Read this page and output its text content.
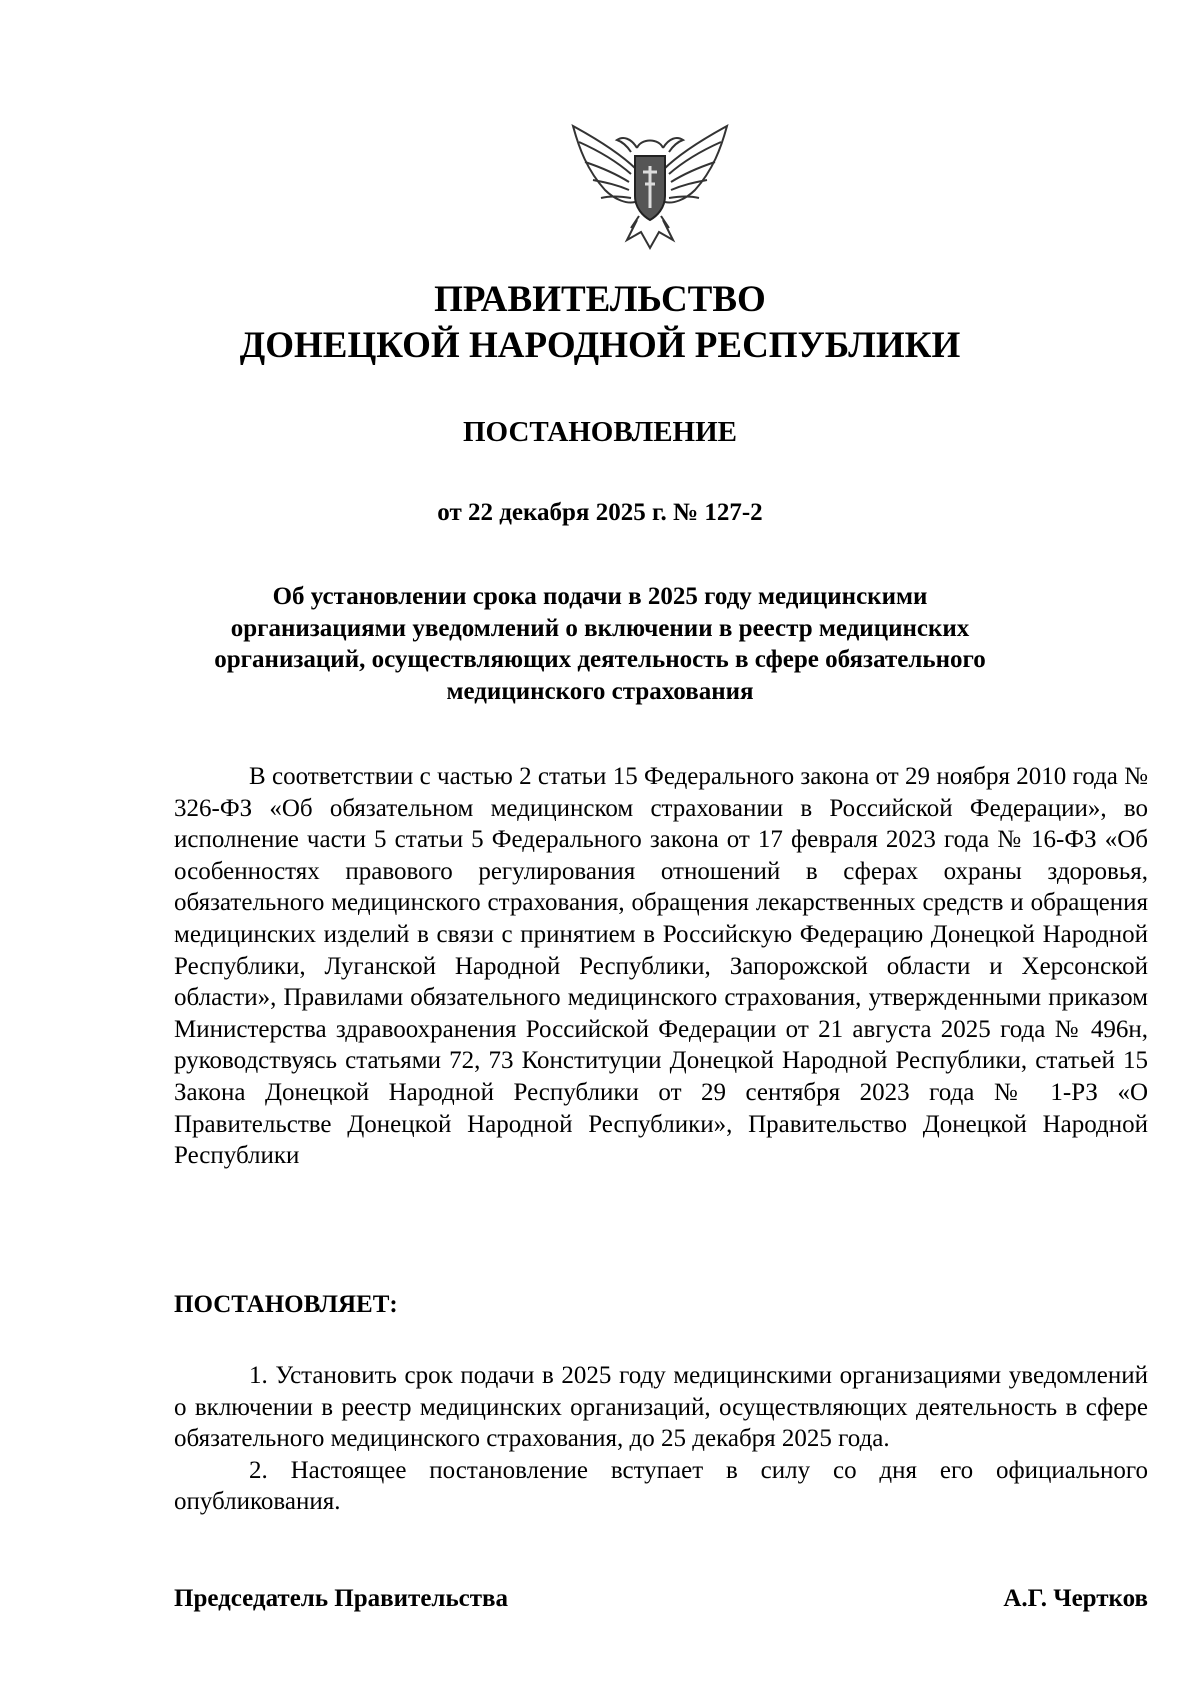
ПРАВИТЕЛЬСТВО
ДОНЕЦКОЙ НАРОДНОЙ РЕСПУБЛИКИ
ПОСТАНОВЛЕНИЕ
от 22 декабря 2025 г. № 127-2
Об установлении срока подачи в 2025 году медицинскими организациями уведомлений о включении в реестр медицинских организаций, осуществляющих деятельность в сфере обязательного медицинского страхования
В соответствии с частью 2 статьи 15 Федерального закона от 29 ноября 2010 года № 326-ФЗ «Об обязательном медицинском страховании в Российской Федерации», во исполнение части 5 статьи 5 Федерального закона от 17 февраля 2023 года № 16-ФЗ «Об особенностях правового регулирования отношений в сферах охраны здоровья, обязательного медицинского страхования, обращения лекарственных средств и обращения медицинских изделий в связи с принятием в Российскую Федерацию Донецкой Народной Республики, Луганской Народной Республики, Запорожской области и Херсонской области», Правилами обязательного медицинского страхования, утвержденными приказом Министерства здравоохранения Российской Федерации от 21 августа 2025 года № 496н, руководствуясь статьями 72, 73 Конституции Донецкой Народной Республики, статьей 15 Закона Донецкой Народной Республики от 29 сентября 2023 года № 1-РЗ «О Правительстве Донецкой Народной Республики», Правительство Донецкой Народной Республики
ПОСТАНОВЛЯЕТ:

1. Установить срок подачи в 2025 году медицинскими организациями уведомлений о включении в реестр медицинских организаций, осуществляющих деятельность в сфере обязательного медицинского страхования, до 25 декабря 2025 года.

2. Настоящее постановление вступает в силу со дня его официального опубликования.

Председатель Правительства	А.Г. Чертков
